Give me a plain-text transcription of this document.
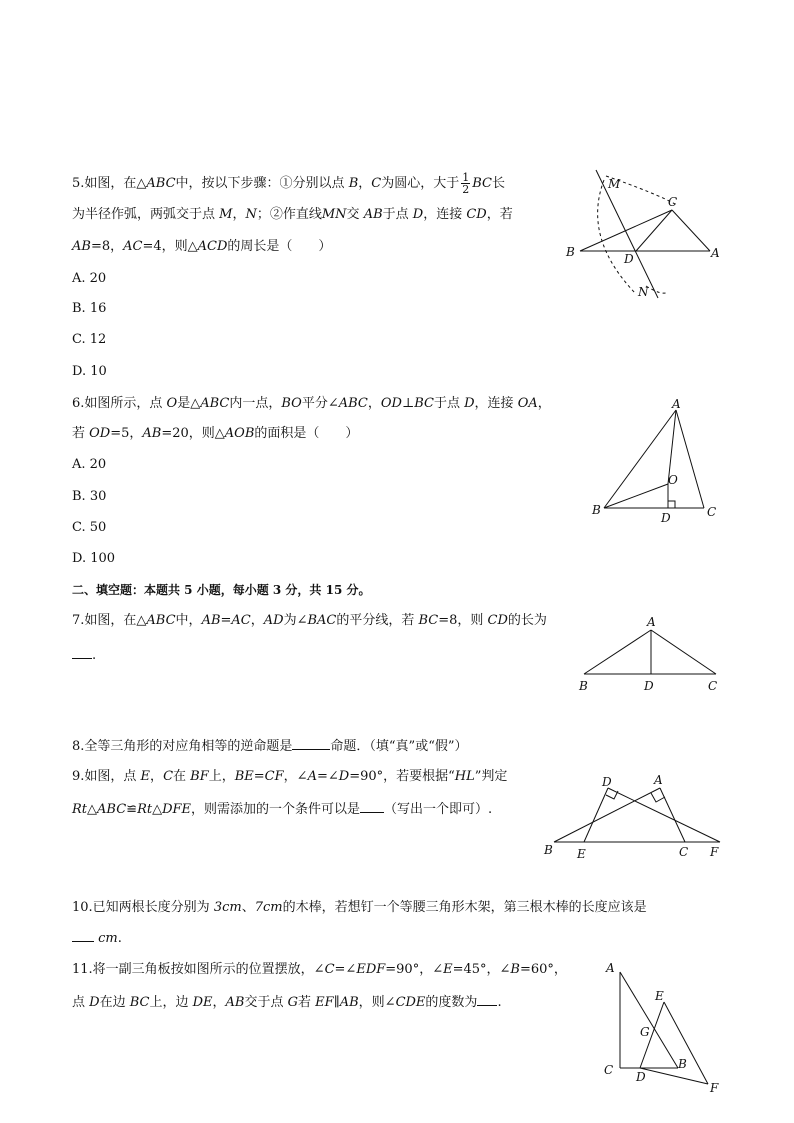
5.如图，在△ABC中，按以下步骤：①分别以点 B，C为圆心，大于 $\frac{1}{2}$ BC长
为半径作弧，两弧交于点 M，N；②作直线MN交 AB于点 D，连接 CD，若
AB=8，AC=4，则△ACD的周长是（　　）
A. 20
B. 16
C. 12
D. 10
M
C
B	D	A
N
6.如图所示，点 O是△ABC内一点，BO平分∠ABC，OD⊥BC于点 D，连接 OA，
若 OD=5，AB=20，则△AOB的面积是（　　）
A. 20
B. 30
C. 50
D. 100
A
O
B
D	C
二、填空题：本题共 5 小题，每小题 3 分，共 15 分。
7.如图，在△ABC中，AB=AC，AD为∠BAC的平分线，若 BC=8，则 CD的长为
.
A
B	D	C
8.全等三角形的对应角相等的逆命题是	命题．（填“真”或“假”）
9.如图，点 E，C在 BF上，BE=CF，∠A=∠D=90°，若要根据“HL”判定
Rt△ABC≌Rt△DFE，则需添加的一个条件可以是 （写出一个即可）.
D	A
B E	C F
10.已知两根长度分别为 3cm、7cm的木棒，若想钉一个等腰三角形木架，第三根木棒的长度应该是
cm.
11.将一副三角板按如图所示的位置摆放，∠C=∠EDF=90°，∠E=45°，∠B=60°，
点 D在边 BC上，边 DE，AB交于点 G若 EF∥AB，则∠CDE的度数为 .
A
E
G
B
C D
F
